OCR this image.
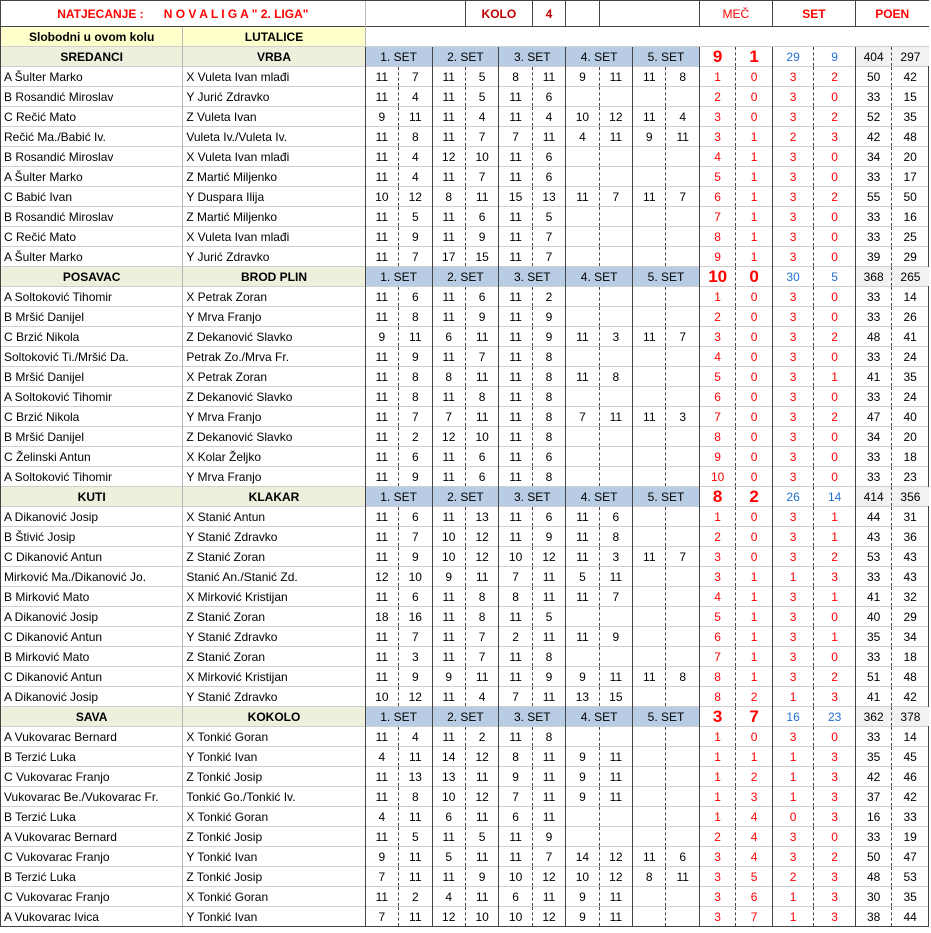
NATJECANJE : N O V A L I G A " 2. LIGA"					KOLO		4					MEČ		SET		POEN	
Slobodni u ovom kolu	LUTALICE																
SREDANCI	VRBA	1. SET		2. SET		3. SET		4. SET		5. SET		9	1	29	9	404	297
A Šulter Marko	X Vuleta Ivan mlađi	11	7	11	5	8	11	9	11	11	8	1	0	3	2	50	42
B Rosandić Miroslav	Y Jurić Zdravko	11	4	11	5	11	6					2	0	3	0	33	15
C Rečić Mato	Z Vuleta Ivan	9	11	11	4	11	4	10	12	11	4	3	0	3	2	52	35
Rečić Ma./Babić Iv.	Vuleta Iv./Vuleta Iv.	11	8	11	7	7	11	4	11	9	11	3	1	2	3	42	48
B Rosandić Miroslav	X Vuleta Ivan mlađi	11	4	12	10	11	6					4	1	3	0	34	20
A Šulter Marko	Z Martić Miljenko	11	4	11	7	11	6					5	1	3	0	33	17
C Babić Ivan	Y Duspara Ilija	10	12	8	11	15	13	11	7	11	7	6	1	3	2	55	50
B Rosandić Miroslav	Z Martić Miljenko	11	5	11	6	11	5					7	1	3	0	33	16
C Rečić Mato	X Vuleta Ivan mlađi	11	9	11	9	11	7					8	1	3	0	33	25
A Šulter Marko	Y Jurić Zdravko	11	7	17	15	11	7					9	1	3	0	39	29
POSAVAC	BROD PLIN	1. SET		2. SET		3. SET		4. SET		5. SET		10	0	30	5	368	265
A Soltoković Tihomir	X Petrak Zoran	11	6	11	6	11	2					1	0	3	0	33	14
B Mršić Danijel	Y Mrva Franjo	11	8	11	9	11	9					2	0	3	0	33	26
C Brzić Nikola	Z Dekanović Slavko	9	11	6	11	11	9	11	3	11	7	3	0	3	2	48	41
Soltoković Ti./Mršić Da.	Petrak Zo./Mrva Fr.	11	9	11	7	11	8					4	0	3	0	33	24
B Mršić Danijel	X Petrak Zoran	11	8	8	11	11	8	11	8			5	0	3	1	41	35
A Soltoković Tihomir	Z Dekanović Slavko	11	8	11	8	11	8					6	0	3	0	33	24
C Brzić Nikola	Y Mrva Franjo	11	7	7	11	11	8	7	11	11	3	7	0	3	2	47	40
B Mršić Danijel	Z Dekanović Slavko	11	2	12	10	11	8					8	0	3	0	34	20
C Želinski Antun	X Kolar Željko	11	6	11	6	11	6					9	0	3	0	33	18
A Soltoković Tihomir	Y Mrva Franjo	11	9	11	6	11	8					10	0	3	0	33	23
KUTI	KLAKAR	1. SET		2. SET		3. SET		4. SET		5. SET		8	2	26	14	414	356
A Dikanović Josip	X Stanić Antun	11	6	11	13	11	6	11	6			1	0	3	1	44	31
B Štivić Josip	Y Stanić Zdravko	11	7	10	12	11	9	11	8			2	0	3	1	43	36
C Dikanović Antun	Z Stanić Zoran	11	9	10	12	10	12	11	3	11	7	3	0	3	2	53	43
Mirković Ma./Dikanović Jo.	Stanić An./Stanić Zd.	12	10	9	11	7	11	5	11			3	1	1	3	33	43
B Mirković Mato	X Mirković Kristijan	11	6	11	8	8	11	11	7			4	1	3	1	41	32
A Dikanović Josip	Z Stanić Zoran	18	16	11	8	11	5					5	1	3	0	40	29
C Dikanović Antun	Y Stanić Zdravko	11	7	11	7	2	11	11	9			6	1	3	1	35	34
B Mirković Mato	Z Stanić Zoran	11	3	11	7	11	8					7	1	3	0	33	18
C Dikanović Antun	X Mirković Kristijan	11	9	9	11	11	9	9	11	11	8	8	1	3	2	51	48
A Dikanović Josip	Y Stanić Zdravko	10	12	11	4	7	11	13	15			8	2	1	3	41	42
SAVA	KOKOLO	1. SET		2. SET		3. SET		4. SET		5. SET		3	7	16	23	362	378
A Vukovarac Bernard	X Tonkić Goran	11	4	11	2	11	8					1	0	3	0	33	14
B Terzić Luka	Y Tonkić Ivan	4	11	14	12	8	11	9	11			1	1	1	3	35	45
C Vukovarac Franjo	Z Tonkić Josip	11	13	13	11	9	11	9	11			1	2	1	3	42	46
Vukovarac Be./Vukovarac Fr.	Tonkić Go./Tonkić Iv.	11	8	10	12	7	11	9	11			1	3	1	3	37	42
B Terzić Luka	X Tonkić Goran	4	11	6	11	6	11					1	4	0	3	16	33
A Vukovarac Bernard	Z Tonkić Josip	11	5	11	5	11	9					2	4	3	0	33	19
C Vukovarac Franjo	Y Tonkić Ivan	9	11	5	11	11	7	14	12	11	6	3	4	3	2	50	47
B Terzić Luka	Z Tonkić Josip	7	11	11	9	10	12	10	12	8	11	3	5	2	3	48	53
C Vukovarac Franjo	X Tonkić Goran	11	2	4	11	6	11	9	11			3	6	1	3	30	35
A Vukovarac Ivica	Y Tonkić Ivan	7	11	12	10	10	12	9	11			3	7	1	3	38	44
